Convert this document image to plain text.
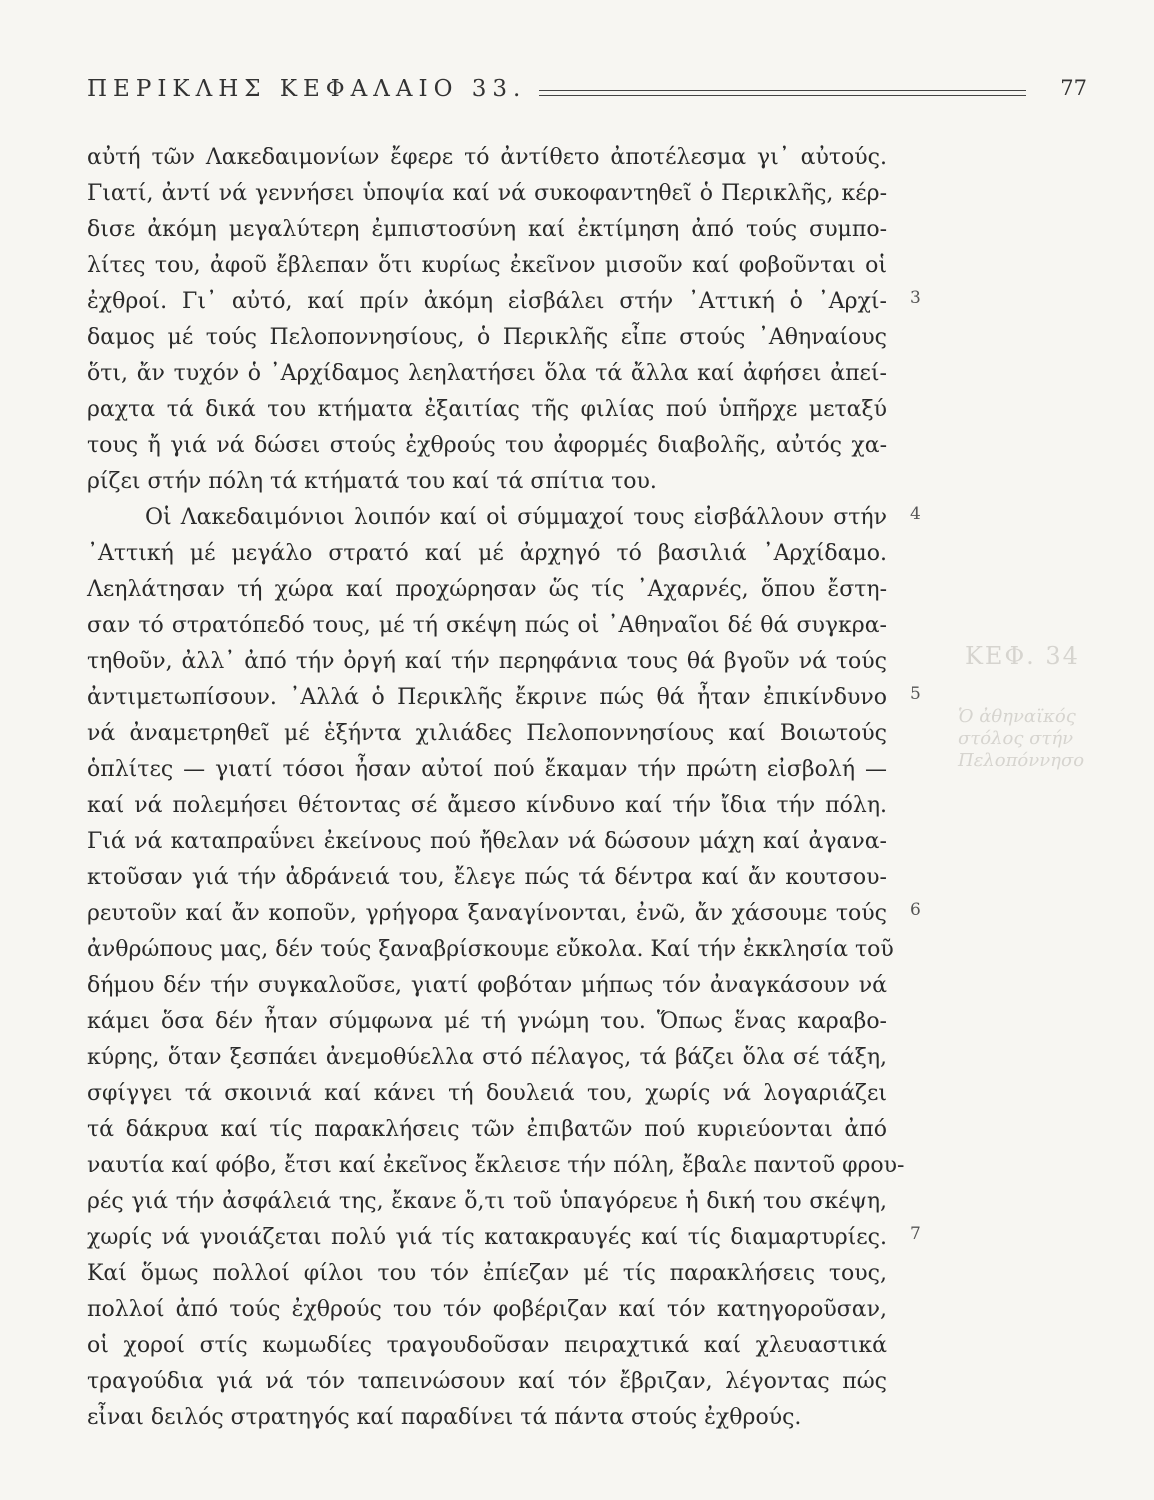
ΠΕΡΙΚΛΗΣ ΚΕΦΑΛΑΙΟ 33.	77
ΚΕΦ. 34
Ὁ ἀθηναϊκός στόλος στήν Πελοπόννησο
αὐτή τῶν Λακεδαιμονίων ἔφερε τό ἀντίθετο ἀποτέλεσμα γι᾿ αὐτούς.
Γιατί, ἀντί νά γεννήσει ὑποψία καί νά συκοφαντηθεῖ ὁ Περικλῆς, κέρ-
δισε ἀκόμη μεγαλύτερη ἐμπιστοσύνη καί ἐκτίμηση ἀπό τούς συμπο-
λίτες του, ἀφοῦ ἔβλεπαν ὅτι κυρίως ἐκεῖνον μισοῦν καί φοβοῦνται οἱ
ἐχθροί. Γι᾿ αὐτό, καί πρίν ἀκόμη εἰσβάλει στήν ᾿Αττική ὁ ᾿Αρχί-
δαμος μέ τούς Πελοποννησίους, ὁ Περικλῆς εἶπε στούς ᾿Αθηναίους
ὅτι, ἄν τυχόν ὁ ᾿Αρχίδαμος λεηλατήσει ὅλα τά ἄλλα καί ἀφήσει ἀπεί-
ραχτα τά δικά του κτήματα ἐξαιτίας τῆς φιλίας πού ὑπῆρχε μεταξύ
τους ἤ γιά νά δώσει στούς ἐχθρούς του ἀφορμές διαβολῆς, αὐτός χα-
ρίζει στήν πόλη τά κτήματά του καί τά σπίτια του.
Οἱ Λακεδαιμόνιοι λοιπόν καί οἱ σύμμαχοί τους εἰσβάλλουν στήν
᾿Αττική μέ μεγάλο στρατό καί μέ ἀρχηγό τό βασιλιά ᾿Αρχίδαμο.
Λεηλάτησαν τή χώρα καί προχώρησαν ὥς τίς ᾿Αχαρνές, ὅπου ἔστη-
σαν τό στρατόπεδό τους, μέ τή σκέψη πώς οἱ ᾿Αθηναῖοι δέ θά συγκρα-
τηθοῦν, ἀλλ᾿ ἀπό τήν ὀργή καί τήν περηφάνια τους θά βγοῦν νά τούς
ἀντιμετωπίσουν. ᾿Αλλά ὁ Περικλῆς ἔκρινε πώς θά ἦταν ἐπικίνδυνο
νά ἀναμετρηθεῖ μέ ἑξήντα χιλιάδες Πελοποννησίους καί Βοιωτούς
ὁπλίτες — γιατί τόσοι ἦσαν αὐτοί πού ἔκαμαν τήν πρώτη εἰσβολή —
καί νά πολεμήσει θέτοντας σέ ἄμεσο κίνδυνο καί τήν ἴδια τήν πόλη.
Γιά νά καταπραΰνει ἐκείνους πού ἤθελαν νά δώσουν μάχη καί ἀγανα-
κτοῦσαν γιά τήν ἀδράνειά του, ἔλεγε πώς τά δέντρα καί ἄν κουτσου-
ρευτοῦν καί ἄν κοποῦν, γρήγορα ξαναγίνονται, ἐνῶ, ἄν χάσουμε τούς
ἀνθρώπους μας, δέν τούς ξαναβρίσκουμε εὔκολα. Καί τήν ἐκκλησία τοῦ
δήμου δέν τήν συγκαλοῦσε, γιατί φοβόταν μήπως τόν ἀναγκάσουν νά
κάμει ὅσα δέν ἦταν σύμφωνα μέ τή γνώμη του. Ὅπως ἕνας καραβο-
κύρης, ὅταν ξεσπάει ἀνεμοθύελλα στό πέλαγος, τά βάζει ὅλα σέ τάξη,
σφίγγει τά σκοινιά καί κάνει τή δουλειά του, χωρίς νά λογαριάζει
τά δάκρυα καί τίς παρακλήσεις τῶν ἐπιβατῶν πού κυριεύονται ἀπό
ναυτία καί φόβο, ἔτσι καί ἐκεῖνος ἔκλεισε τήν πόλη, ἔβαλε παντοῦ φρου-
ρές γιά τήν ἀσφάλειά της, ἔκανε ὅ,τι τοῦ ὑπαγόρευε ἡ δική του σκέψη,
χωρίς νά γνοιάζεται πολύ γιά τίς κατακραυγές καί τίς διαμαρτυρίες.
Καί ὅμως πολλοί φίλοι του τόν ἐπίεζαν μέ τίς παρακλήσεις τους,
πολλοί ἀπό τούς ἐχθρούς του τόν φοβέριζαν καί τόν κατηγοροῦσαν,
οἱ χοροί στίς κωμωδίες τραγουδοῦσαν πειραχτικά καί χλευαστικά
τραγούδια γιά νά τόν ταπεινώσουν καί τόν ἔβριζαν, λέγοντας πώς
εἶναι δειλός στρατηγός καί παραδίνει τά πάντα στούς ἐχθρούς.
3
4
5
6
7
